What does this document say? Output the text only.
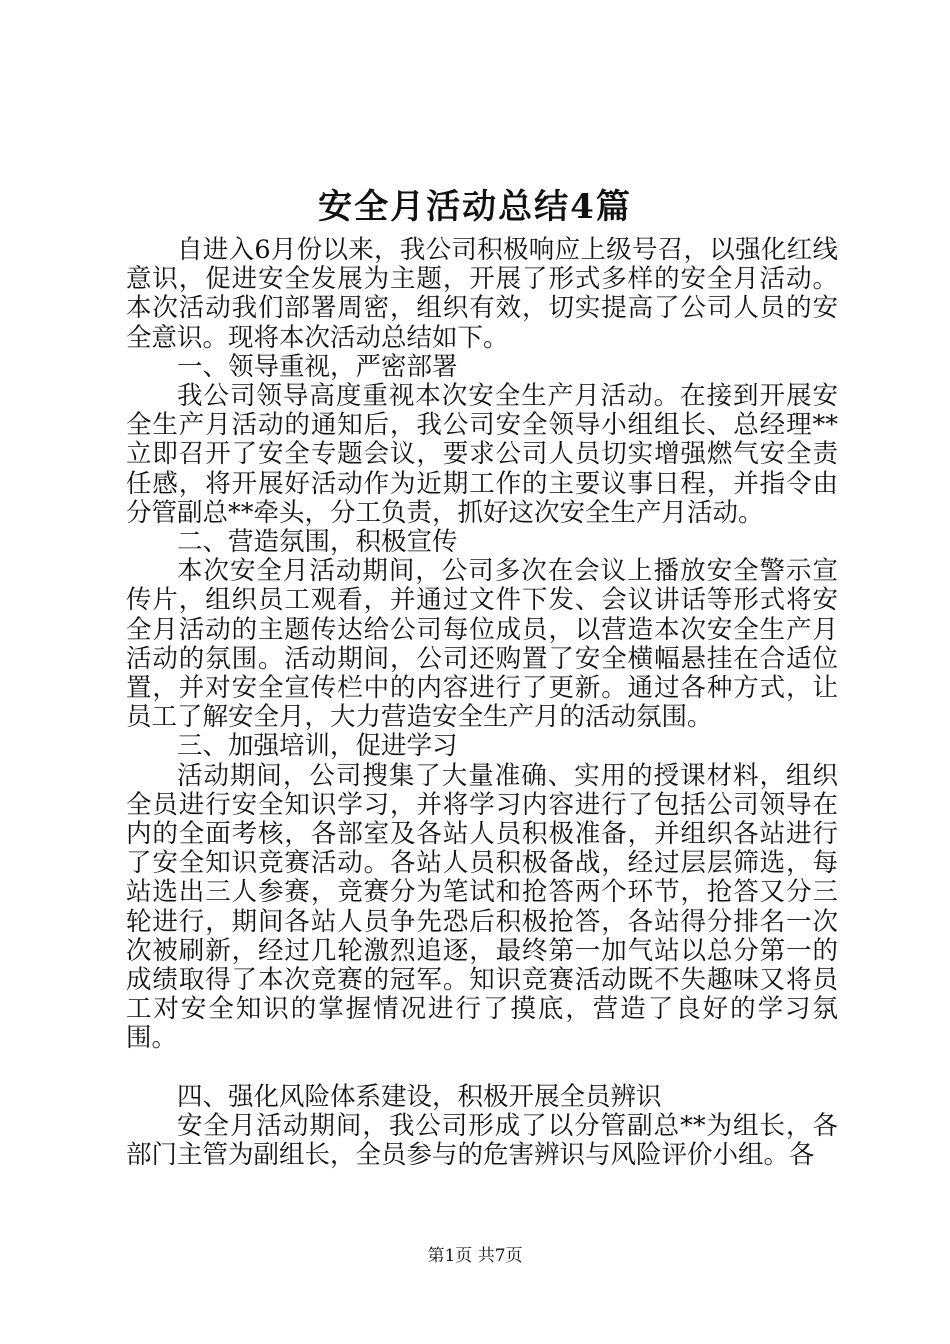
安全月活动总结4篇

自进入6月份以来，我公司积极响应上级号召，以强化红线意识，促进安全发展为主题，开展了形式多样的安全月活动。本次活动我们部署周密，组织有效，切实提高了公司人员的安全意识。现将本次活动总结如下。

一、领导重视，严密部署

我公司领导高度重视本次安全生产月活动。在接到开展安全生产月活动的通知后，我公司安全领导小组组长、总经理**立即召开了安全专题会议，要求公司人员切实增强燃气安全责任感，将开展好活动作为近期工作的主要议事日程，并指令由分管副总**牵头，分工负责，抓好这次安全生产月活动。

二、营造氛围，积极宣传

本次安全月活动期间，公司多次在会议上播放安全警示宣传片，组织员工观看，并通过文件下发、会议讲话等形式将安全月活动的主题传达给公司每位成员，以营造本次安全生产月活动的氛围。活动期间，公司还购置了安全横幅悬挂在合适位置，并对安全宣传栏中的内容进行了更新。通过各种方式，让员工了解安全月，大力营造安全生产月的活动氛围。

三、加强培训，促进学习

活动期间，公司搜集了大量准确、实用的授课材料，组织全员进行安全知识学习，并将学习内容进行了包括公司领导在内的全面考核，各部室及各站人员积极准备，并组织各站进行了安全知识竞赛活动。各站人员积极备战，经过层层筛选，每站选出三人参赛，竞赛分为笔试和抢答两个环节，抢答又分三轮进行，期间各站人员争先恐后积极抢答，各站得分排名一次次被刷新，经过几轮激烈追逐，最终第一加气站以总分第一的成绩取得了本次竞赛的冠军。知识竞赛活动既不失趣味又将员工对安全知识的掌握情况进行了摸底，营造了良好的学习氛围。

四、强化风险体系建设，积极开展全员辨识

安全月活动期间，我公司形成了以分管副总**为组长，各部门主管为副组长，全员参与的危害辨识与风险评价小组。各

第1页 共7页
